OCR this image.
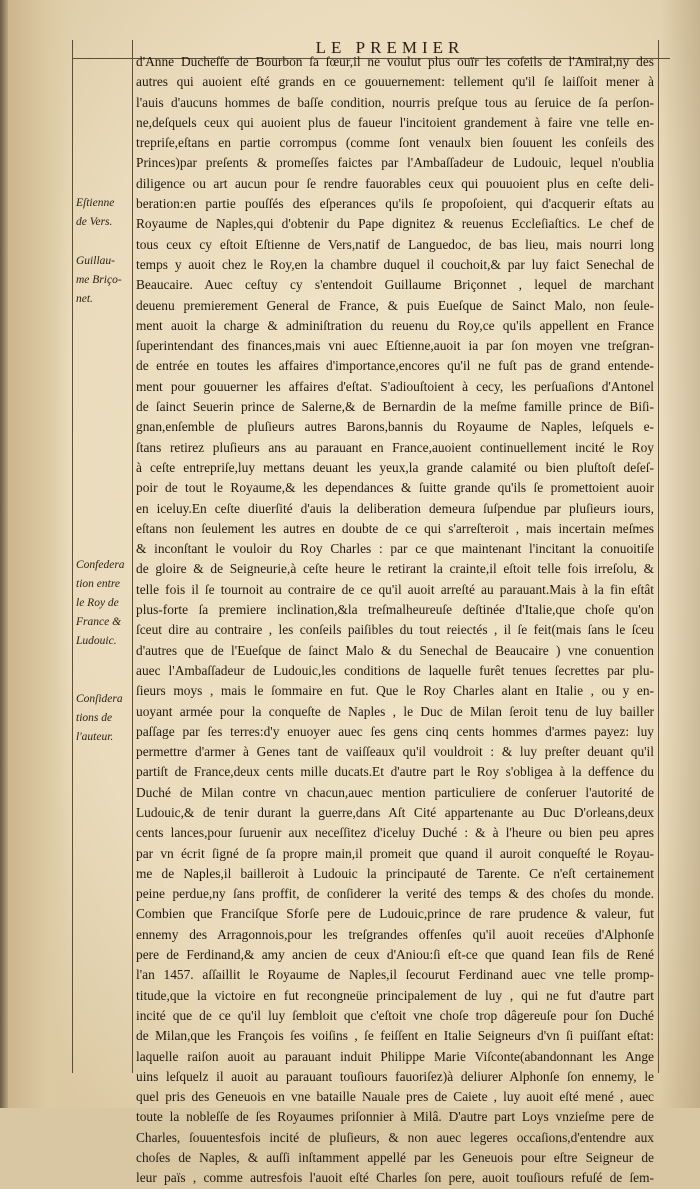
LE PREMIER

d'Anne Ducheſſe de Bourbon ſa ſœur,il ne voulut plus ouïr les coſeils de l'Amiral,ny des

autres qui auoient eſté grands en ce gouuernement: tellement qu'il ſe laiſſoit mener à

l'auis d'aucuns hommes de baſſe condition, nourris preſque tous au ſeruice de ſa perſon-

ne,deſquels ceux qui auoient plus de faueur l'incitoient grandement à faire vne telle en-

trepriſe,eſtans en partie corrompus (comme ſont venaulx bien ſouuent les conſeils des

Princes)par preſents & promeſſes faictes par l'Ambaſſadeur de Ludouic, lequel n'oublia

diligence ou art aucun pour ſe rendre fauorables ceux qui pouuoient plus en ceſte deli-

beration:en partie pouſſés des eſperances qu'ils ſe propoſoient, qui d'acquerir eſtats au

Royaume de Naples,qui d'obtenir du Pape dignitez & reuenus Eccleſiaſtics. Le chef de

tous ceux cy eſtoit Eſtienne de Vers,natif de Languedoc, de bas lieu, mais nourri long

temps y auoit chez le Roy,en la chambre duquel il couchoit,& par luy faict Senechal de

Beaucaire. Auec ceſtuy cy s'entendoit Guillaume Briçonnet , lequel de marchant

deuenu premierement General de France, & puis Eueſque de Sainct Malo, non ſeule-

ment auoit la charge & adminiſtration du reuenu du Roy,ce qu'ils appellent en France

ſuperintendant des finances,mais vni auec Eſtienne,auoit ia par ſon moyen vne treſgran-

de entrée en toutes les affaires d'importance,encores qu'il ne fuſt pas de grand entende-

ment pour gouuerner les affaires d'eſtat. S'adiouſtoient à cecy, les perſuaſions d'Antonel

de ſainct Seuerin prince de Salerne,& de Bernardin de la meſme famille prince de Biſi-

gnan,enſemble de pluſieurs autres Barons,bannis du Royaume de Naples, leſquels e-

ſtans retirez pluſieurs ans au parauant en France,auoient continuellement incité le Roy

à ceſte entrepriſe,luy mettans deuant les yeux,la grande calamité ou bien pluſtoſt deſeſ-

poir de tout le Royaume,& les dependances & ſuitte grande qu'ils ſe promettoient auoir

en iceluy.En ceſte diuerſité d'auis la deliberation demeura ſuſpendue par pluſieurs iours,

eſtans non ſeulement les autres en doubte de ce qui s'arreſteroit , mais incertain meſmes

& inconſtant le vouloir du Roy Charles : par ce que maintenant l'incitant la conuoitiſe

de gloire & de Seigneurie,à ceſte heure le retirant la crainte,il eſtoit telle fois irreſolu, &

telle fois il ſe tournoit au contraire de ce qu'il auoit arreſté au parauant.Mais à la fin eſtât

plus-forte ſa premiere inclination,&la treſmalheureuſe deſtinée d'Italie,que choſe qu'on

ſceut dire au contraire , les conſeils paiſibles du tout reiectés , il ſe feit(mais ſans le ſceu

d'autres que de l'Eueſque de ſainct Malo & du Senechal de Beaucaire ) vne conuention

auec l'Ambaſſadeur de Ludouic,les conditions de laquelle furêt tenues ſecrettes par plu-

ſieurs moys , mais le ſommaire en fut. Que le Roy Charles alant en Italie , ou y en-

uoyant armée pour la conqueſte de Naples , le Duc de Milan ſeroit tenu de luy bailler

paſſage par ſes terres:d'y enuoyer auec ſes gens cinq cents hommes d'armes payez: luy

permettre d'armer à Genes tant de vaiſſeaux qu'il vouldroit : & luy preſter deuant qu'il

partiſt de France,deux cents mille ducats.Et d'autre part le Roy s'obligea à la deffence du

Duché de Milan contre vn chacun,auec mention particuliere de conſeruer l'autorité de

Ludouic,& de tenir durant la guerre,dans Aſt Cité appartenante au Duc D'orleans,deux

cents lances,pour ſuruenir aux neceſſitez d'iceluy Duché : & à l'heure ou bien peu apres

par vn écrit ſigné de ſa propre main,il promeit que quand il auroit conqueſté le Royau-

me de Naples,il bailleroit à Ludouic la principauté de Tarente. Ce n'eſt certainement

peine perdue,ny ſans proffit, de conſiderer la verité des temps & des choſes du monde.

Combien que Franciſque Sforſe pere de Ludouic,prince de rare prudence & valeur, fut

ennemy des Arragonnois,pour les treſgrandes offenſes qu'il auoit receües d'Alphonſe

pere de Ferdinand,& amy ancien de ceux d'Aniou:ſi eſt-ce que quand Iean fils de René

l'an 1457. aſſaillit le Royaume de Naples,il ſecourut Ferdinand auec vne telle promp-

titude,que la victoire en fut recongneüe principalement de luy , qui ne fut d'autre part

incité que de ce qu'il luy ſembloit que c'eſtoit vne choſe trop dâgereuſe pour ſon Duché

de Milan,que les François ſes voiſins , ſe feiſſent en Italie Seigneurs d'vn ſi puiſſant eſtat:

laquelle raiſon auoit au parauant induit Philippe Marie Viſconte(abandonnant les Ange

uins leſquelz il auoit au parauant touſiours fauoriſez)à deliurer Alphonſe ſon ennemy, le

quel pris des Geneuois en vne bataille Nauale pres de Caiete , luy auoit eſté mené , auec

toute la nobleſſe de ſes Royaumes priſonnier à Milâ. D'autre part Loys vnzieſme pere de

Charles, ſouuentesfois incité de pluſieurs, & non auec legeres occaſions,d'entendre aux

choſes de Naples, & auſſi inſtamment appellé par les Geneuois pour eſtre Seigneur de

leur païs , comme autresfois l'auoit eſté Charles ſon pere, auoit touſiours refuſé de ſem-

Eſtienne

de Vers.

Guillau-

me Briço-

net.

Confedera

tion entre

le Roy de

France &

Ludouic.

Conſidera

tions de

l'auteur.
